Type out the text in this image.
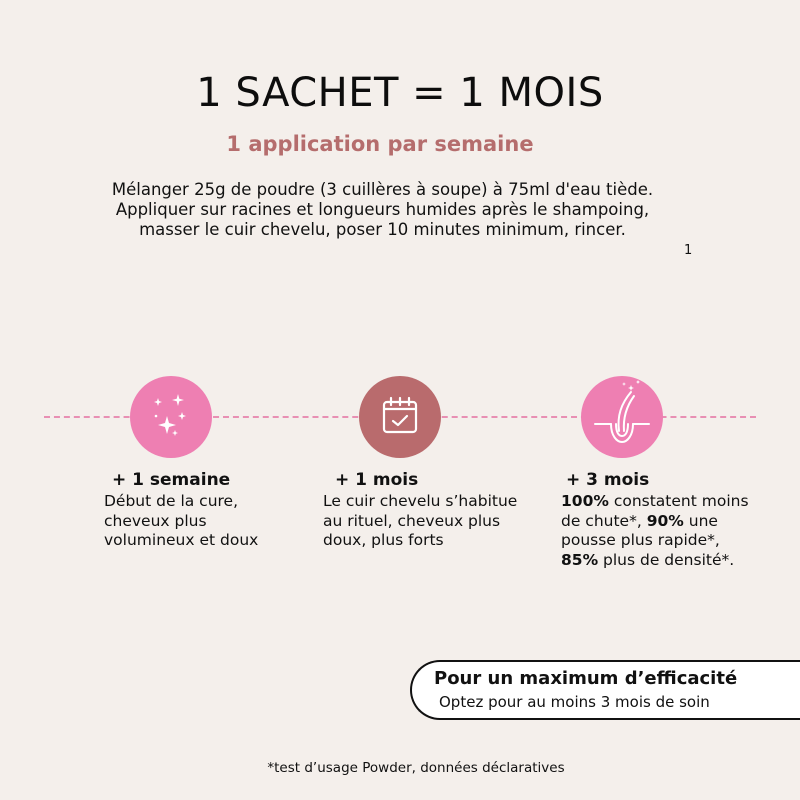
1 SACHET = 1 MOIS
1 application par semaine
Mélanger 25g de poudre (3 cuillères à soupe) à 75ml d'eau tiède.
Appliquer sur racines et longueurs humides après le shampoing,
masser le cuir chevelu, poser 10 minutes minimum, rincer.
1
+ 1 semaine
Début de la cure,
cheveux plus
volumineux et doux
+ 1 mois
Le cuir chevelu s’habitue
au rituel, cheveux plus
doux, plus forts
+ 3 mois
100% constatent moins
de chute*, 90% une
pousse plus rapide*,
85% plus de densité*.
Pour un maximum d’efficacité
Optez pour au moins 3 mois de soin
*test d’usage Powder, données déclaratives
